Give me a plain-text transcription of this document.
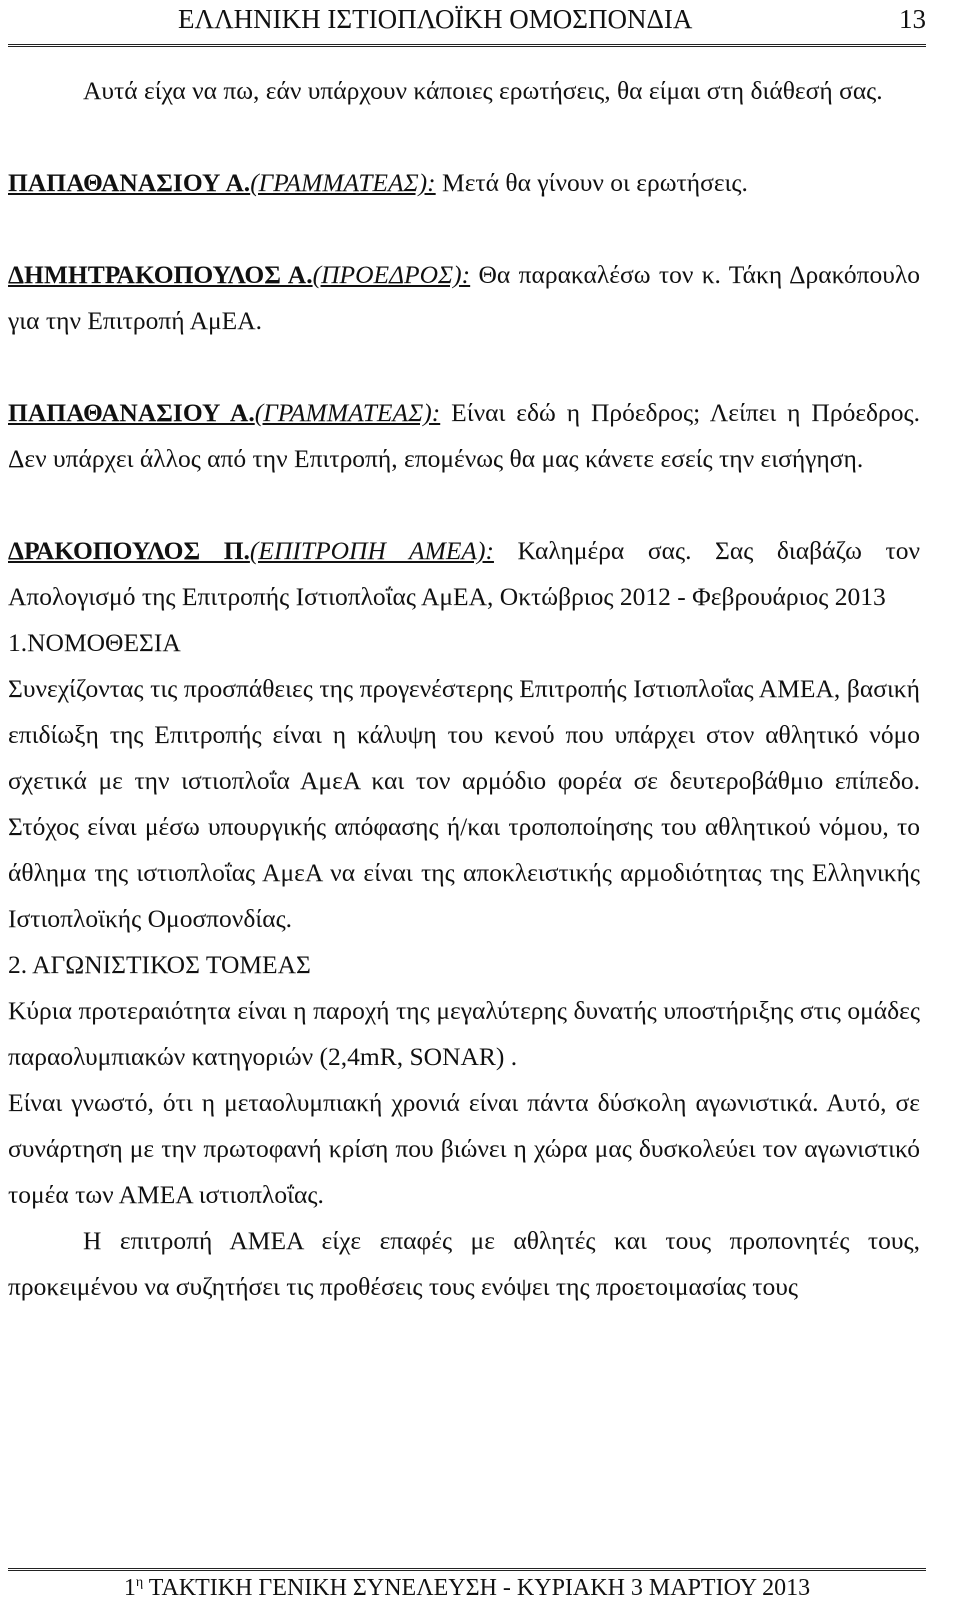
ΕΛΛΗΝΙΚΗ ΙΣΤΙΟΠΛΟΪΚΗ ΟΜΟΣΠΟΝΔΙΑ	13

Αυτά είχα να πω, εάν υπάρχουν κάποιες ερωτήσεις, θα είμαι στη διάθεσή σας.

ΠΑΠΑΘΑΝΑΣΙΟΥ Α.(ΓΡΑΜΜΑΤΕΑΣ): Μετά θα γίνουν οι ερωτήσεις.

ΔΗΜΗΤΡΑΚΟΠΟΥΛΟΣ Α.(ΠΡΟΕΔΡΟΣ): Θα παρακαλέσω τον κ. Τάκη Δρακόπουλο για την Επιτροπή ΑμΕΑ.

ΠΑΠΑΘΑΝΑΣΙΟΥ Α.(ΓΡΑΜΜΑΤΕΑΣ): Είναι εδώ η Πρόεδρος; Λείπει η Πρόεδρος. Δεν υπάρχει άλλος από την Επιτροπή, επομένως θα μας κάνετε εσείς την εισήγηση.

ΔΡΑΚΟΠΟΥΛΟΣ Π.(ΕΠΙΤΡΟΠΗ ΑΜΕΑ): Καλημέρα σας. Σας διαβάζω τον Απολογισμό της Επιτροπής Ιστιοπλοΐας ΑμΕΑ, Οκτώβριος 2012 - Φεβρουάριος 2013

1.ΝΟΜΟΘΕΣΙΑ

Συνεχίζοντας τις προσπάθειες της προγενέστερης Επιτροπής Ιστιοπλοΐας ΑΜΕΑ, βασική επιδίωξη της Επιτροπής είναι η κάλυψη του κενού που υπάρχει στον αθλητικό νόμο σχετικά με την ιστιοπλοΐα ΑμεΑ και τον αρμόδιο φορέα σε δευτεροβάθμιο επίπεδο. Στόχος είναι μέσω υπουργικής απόφασης ή/και τροποποίησης του αθλητικού νόμου, το άθλημα της ιστιοπλοΐας ΑμεΑ να είναι της αποκλειστικής αρμοδιότητας της Ελληνικής Ιστιοπλοϊκής Ομοσπονδίας.

2. ΑΓΩΝΙΣΤΙΚΟΣ ΤΟΜΕΑΣ

Κύρια προτεραιότητα είναι η παροχή της μεγαλύτερης δυνατής υποστήριξης στις ομάδες παραολυμπιακών κατηγοριών (2,4mR, SONAR) .

Είναι γνωστό, ότι η μεταολυμπιακή χρονιά είναι πάντα δύσκολη αγωνιστικά. Αυτό, σε συνάρτηση με την πρωτοφανή κρίση που βιώνει η χώρα μας δυσκολεύει τον αγωνιστικό τομέα των ΑΜΕΑ ιστιοπλοΐας.

Η επιτροπή ΑΜΕΑ είχε επαφές με αθλητές και τους προπονητές τους, προκειμένου να συζητήσει τις προθέσεις τους ενόψει της προετοιμασίας τους

$1^\eta$ ΤΑΚΤΙΚΗ ΓΕΝΙΚΗ ΣΥΝΕΛΕΥΣΗ - ΚΥΡΙΑΚΗ 3 ΜΑΡΤΙΟΥ 2013
